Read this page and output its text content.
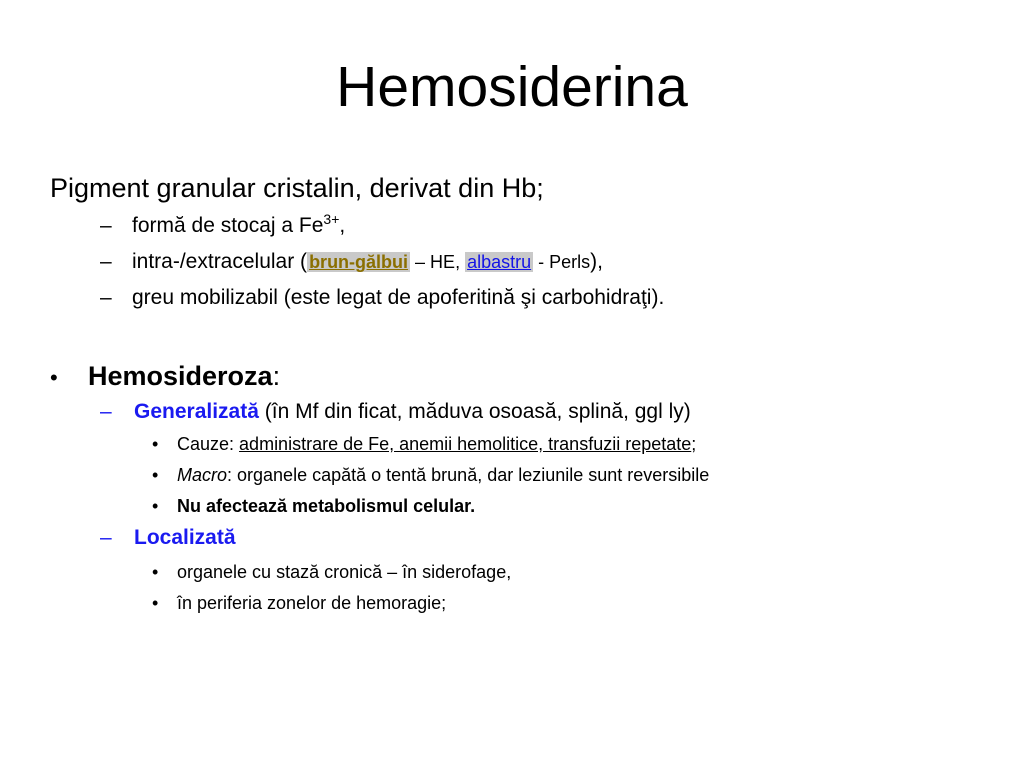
Hemosiderina
Pigment granular cristalin, derivat din Hb;
– formă de stocaj a $Fe^{3+}$,
– intra-/extracelular ( brun-gălbui – HE, albastru - Perls),
– greu mobilizabil (este legat de apoferitină şi carbohidraţi).
• Hemosideroza:
– Generalizată (în Mf din ficat, măduva osoasă, splină, ggl ly)
• Cauze: administrare de Fe, anemii hemolitice, transfuzii repetate;
• Macro: organele capătă o tentă brună, dar leziunile sunt reversibile
• Nu afectează metabolismul celular.
– Localizată
• organele cu stază cronică – în siderofage,
• în periferia zonelor de hemoragie;
